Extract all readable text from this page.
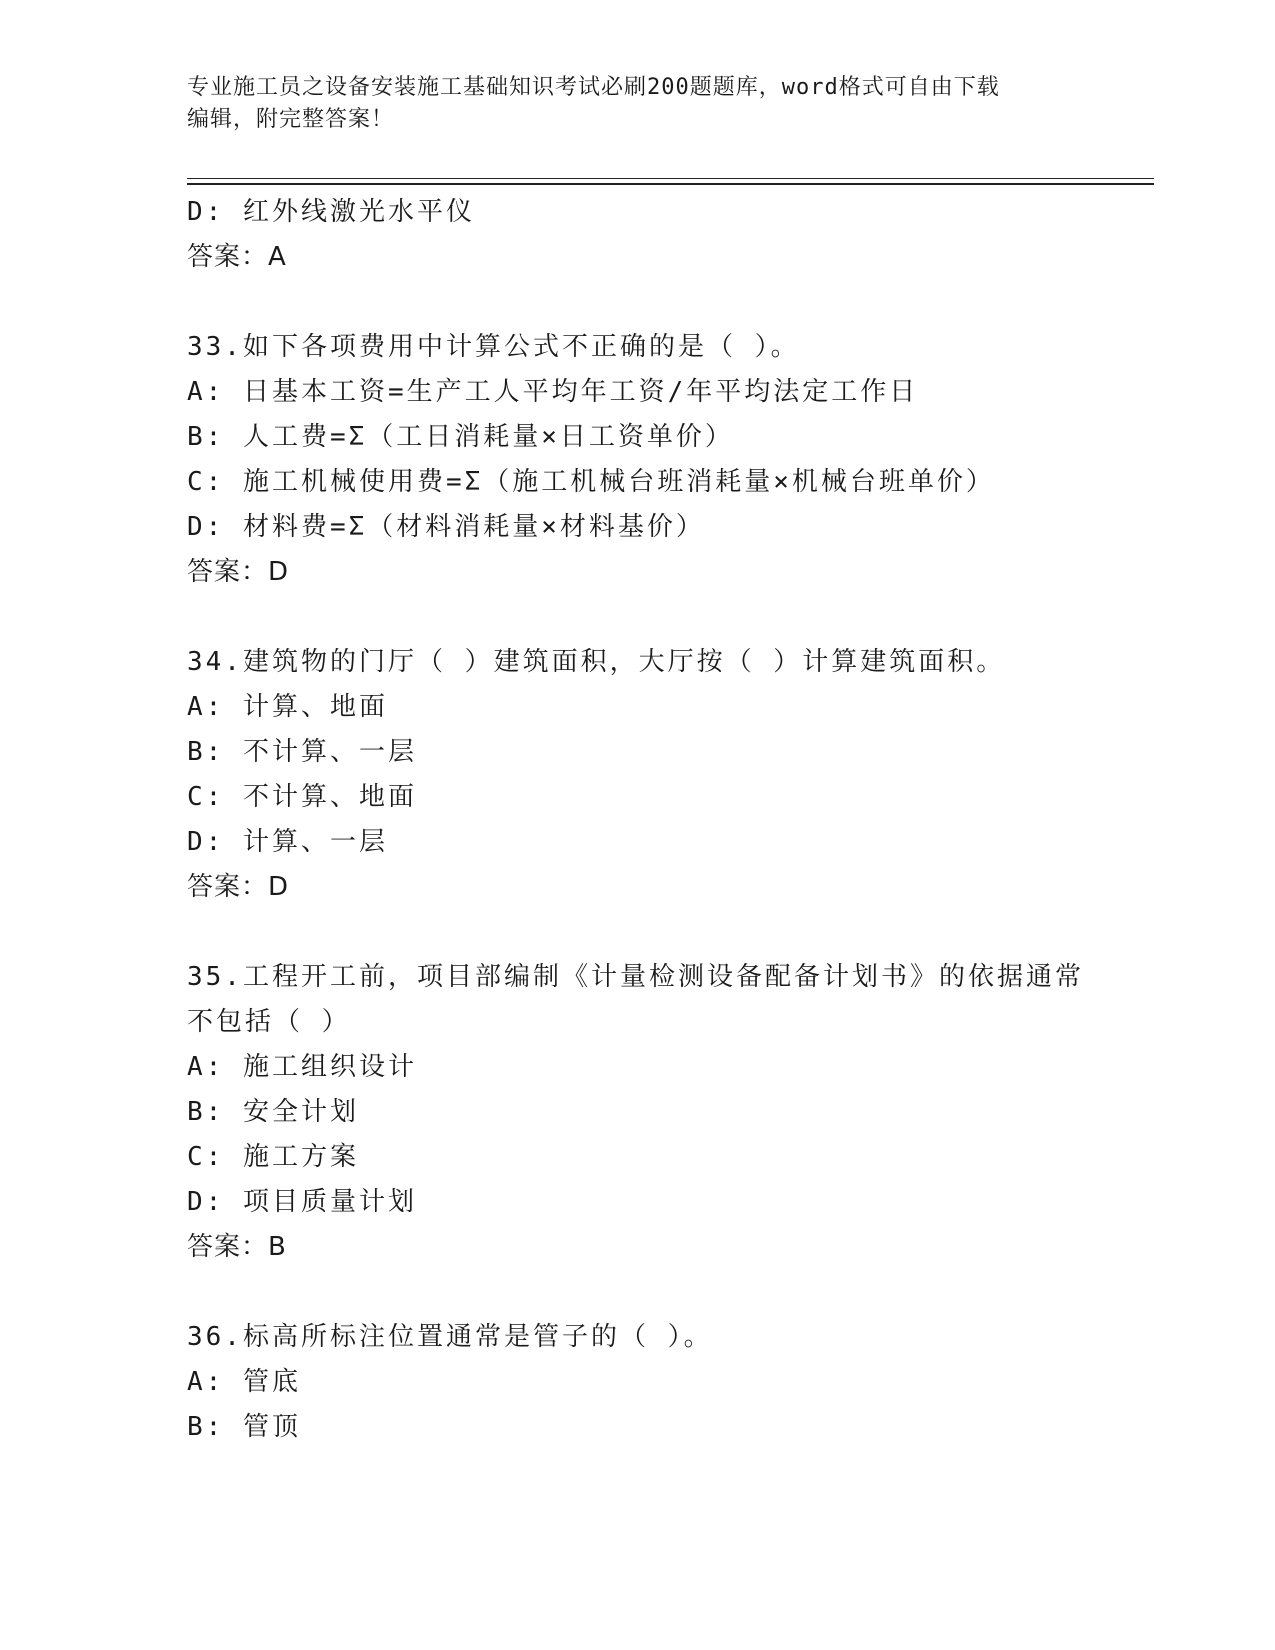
专业施工员之设备安装施工基础知识考试必刷200题题库，word格式可自由下载
编辑，附完整答案！
D: 红外线激光水平仪
答案：A
33.如下各项费用中计算公式不正确的是（ ）。
A: 日基本工资=生产工人平均年工资/年平均法定工作日
B: 人工费=Σ（工日消耗量×日工资单价）
C: 施工机械使用费=Σ（施工机械台班消耗量×机械台班单价）
D: 材料费=Σ（材料消耗量×材料基价）
答案：D
34.建筑物的门厅（ ）建筑面积，大厅按（ ）计算建筑面积。
A: 计算、地面
B: 不计算、一层
C: 不计算、地面
D: 计算、一层
答案：D
35.工程开工前，项目部编制《计量检测设备配备计划书》的依据通常
不包括（ ）
A: 施工组织设计
B: 安全计划
C: 施工方案
D: 项目质量计划
答案：B
36.标高所标注位置通常是管子的（ ）。
A: 管底
B: 管顶
